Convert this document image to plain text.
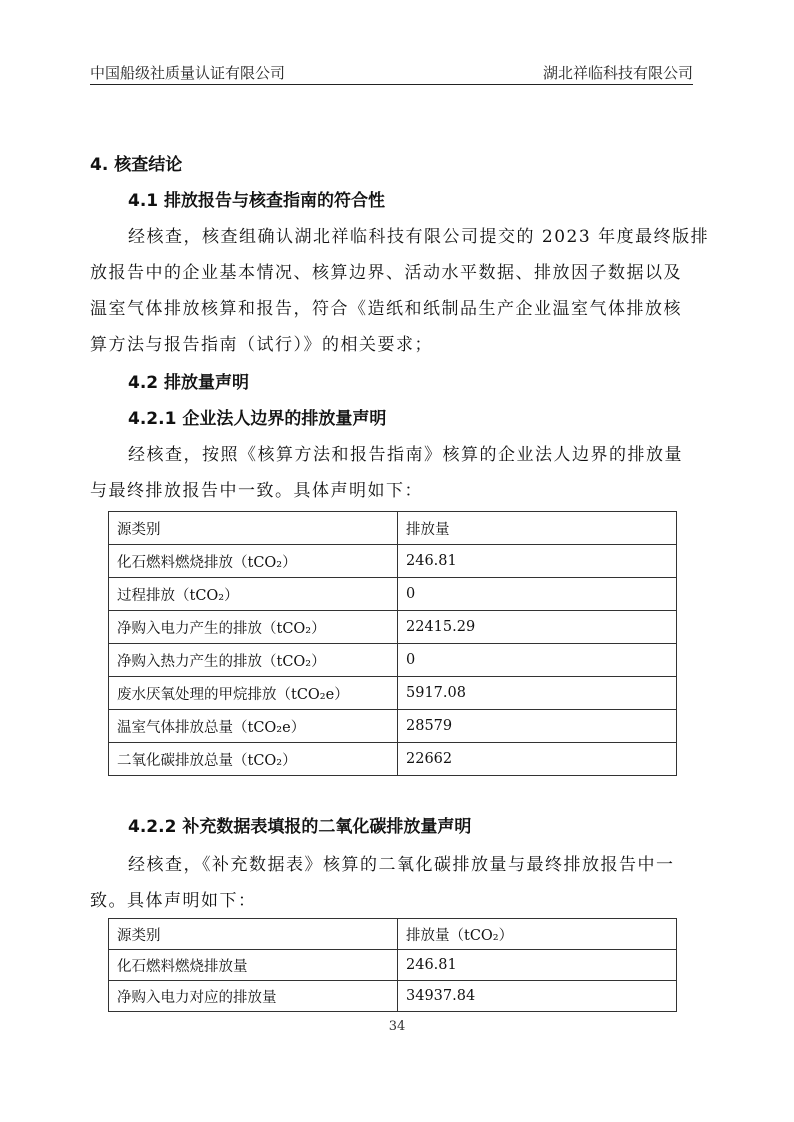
中国船级社质量认证有限公司	湖北祥临科技有限公司
4. 核查结论
4.1 排放报告与核查指南的符合性
经核查，核查组确认湖北祥临科技有限公司提交的 2023 年度最终版排
放报告中的企业基本情况、核算边界、活动水平数据、排放因子数据以及
温室气体排放核算和报告，符合《造纸和纸制品生产企业温室气体排放核
算方法与报告指南（试行）》的相关要求；
4.2 排放量声明
4.2.1 企业法人边界的排放量声明
经核查，按照《核算方法和报告指南》核算的企业法人边界的排放量
与最终排放报告中一致。具体声明如下：
源类别	排放量
化石燃料燃烧排放（tCO₂）	246.81
过程排放（tCO₂）	0
净购入电力产生的排放（tCO₂）	22415.29
净购入热力产生的排放（tCO₂）	0
废水厌氧处理的甲烷排放（tCO₂e）	5917.08
温室气体排放总量（tCO₂e）	28579
二氧化碳排放总量（tCO₂）	22662
4.2.2 补充数据表填报的二氧化碳排放量声明
经核查，《补充数据表》核算的二氧化碳排放量与最终排放报告中一
致。具体声明如下：
源类别	排放量（tCO₂）
化石燃料燃烧排放量	246.81
净购入电力对应的排放量	34937.84
34
